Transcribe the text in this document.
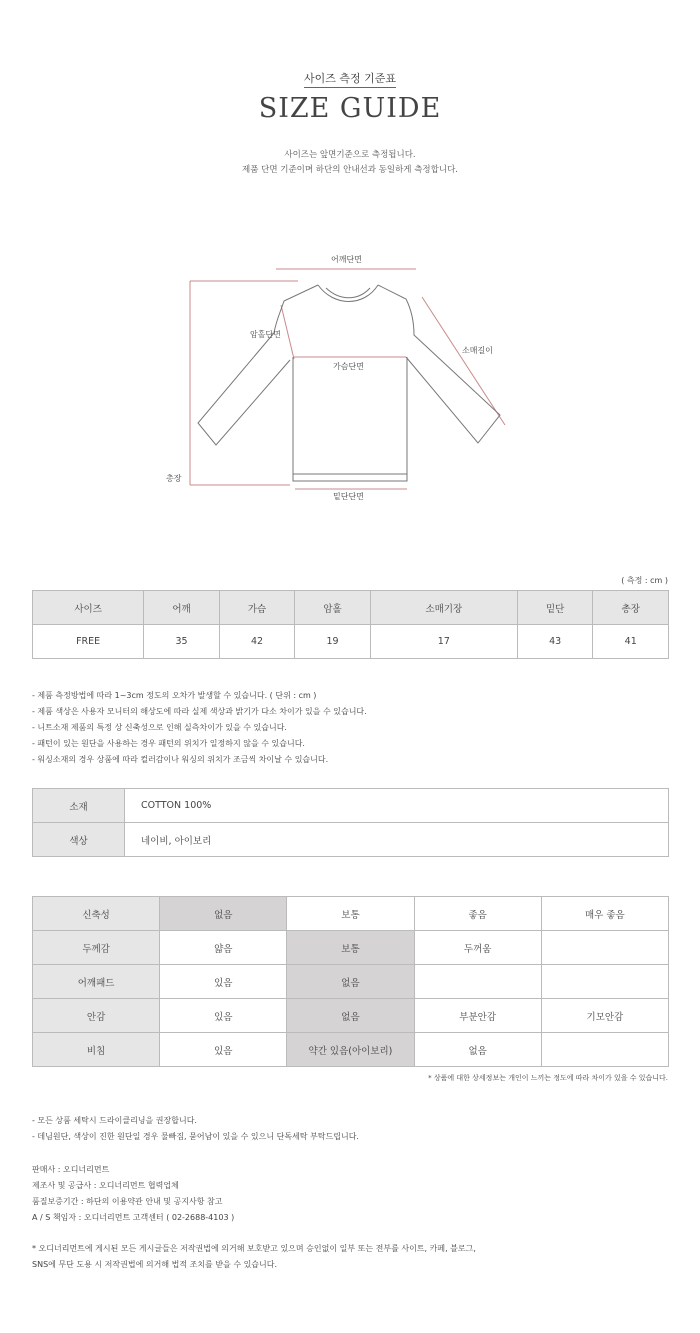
사이즈 측정 기준표
SIZE GUIDE
사이즈는 앞면기준으로 측정됩니다.
제품 단면 기준이며 하단의 안내선과 동일하게 측정합니다.
어깨단면
암홀단면
소매길이
가슴단면
총장
밑단단면
( 측정 : cm )
사이즈	어깨	가슴	암홀	소매기장	밑단	총장
FREE	35	42	19	17	43	41
- 제품 측정방법에 따라 1~3cm 정도의 오차가 발생할 수 있습니다. ( 단위 : cm )
- 제품 색상은 사용자 모니터의 해상도에 따라 실제 색상과 밝기가 다소 차이가 있을 수 있습니다.
- 니트소재 제품의 특정 상 신축성으로 인해 실측차이가 있을 수 있습니다.
- 패턴이 있는 원단을 사용하는 경우 패턴의 위치가 일정하지 않을 수 있습니다.
- 워싱소재의 경우 상품에 따라 컬러감이나 워싱의 위치가 조금씩 차이날 수 있습니다.
소재	COTTON 100%
색상	네이비, 아이보리
신축성	없음	보통	좋음	매우 좋음
두께감	얇음	보통	두꺼움	
어깨패드	있음	없음		
안감	있음	없음	부분안감	기모안감
비침	있음	약간 있음(아이보리)	없음	
* 상품에 대한 상세정보는 개인이 느끼는 정도에 따라 차이가 있을 수 있습니다.
- 모든 상품 세탁시 드라이클리닝을 권장합니다.
- 데님원단, 색상이 진한 원단일 경우 물빠짐, 묻어남이 있을 수 있으니 단독세탁 부탁드립니다.
판매사 : 오디너리먼트
제조사 및 공급사 : 오디너리먼트 협력업체
품질보증기간 : 하단의 이용약관 안내 및 공지사항 참고
A / S 책임자 : 오디너리먼트 고객센터 ( 02-2688-4103 )
* 오디너리먼트에 게시된 모든 게시글들은 저작권법에 의거해 보호받고 있으며 승인없이 일부 또는 전부를 사이트, 카페, 블로그,
SNS에 무단 도용 시 저작권법에 의거해 법적 조치를 받을 수 있습니다.
